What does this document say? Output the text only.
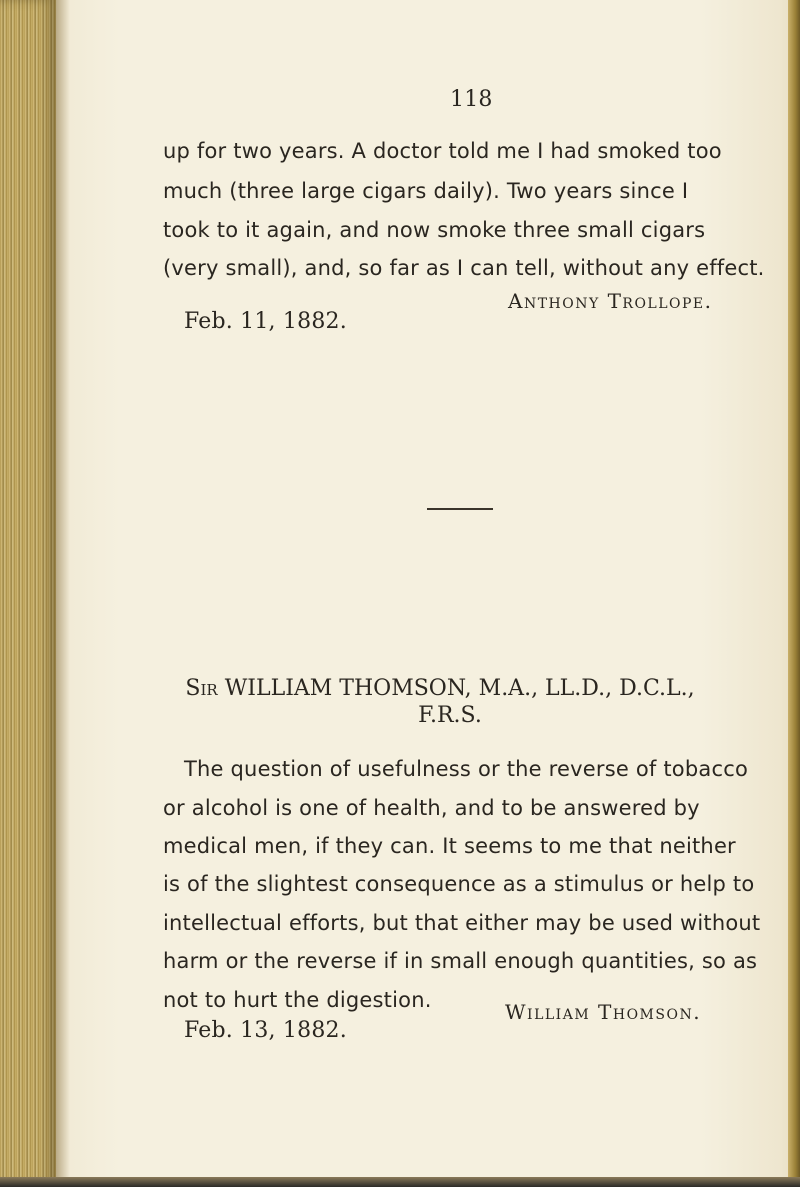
118
up for two years. A doctor told me I had smoked too
much (three large cigars daily). Two years since I
took to it again, and now smoke three small cigars
(very small), and, so far as I can tell, without any effect.
Anthony Trollope.
Feb. 11, 1882.
Sir WILLIAM THOMSON, M.A., LL.D., D.C.L.,
F.R.S.
The question of usefulness or the reverse of tobacco
or alcohol is one of health, and to be answered by
medical men, if they can. It seems to me that neither
is of the slightest consequence as a stimulus or help to
intellectual efforts, but that either may be used without
harm or the reverse if in small enough quantities, so as
not to hurt the digestion.	William Thomson.
Feb. 13, 1882.
